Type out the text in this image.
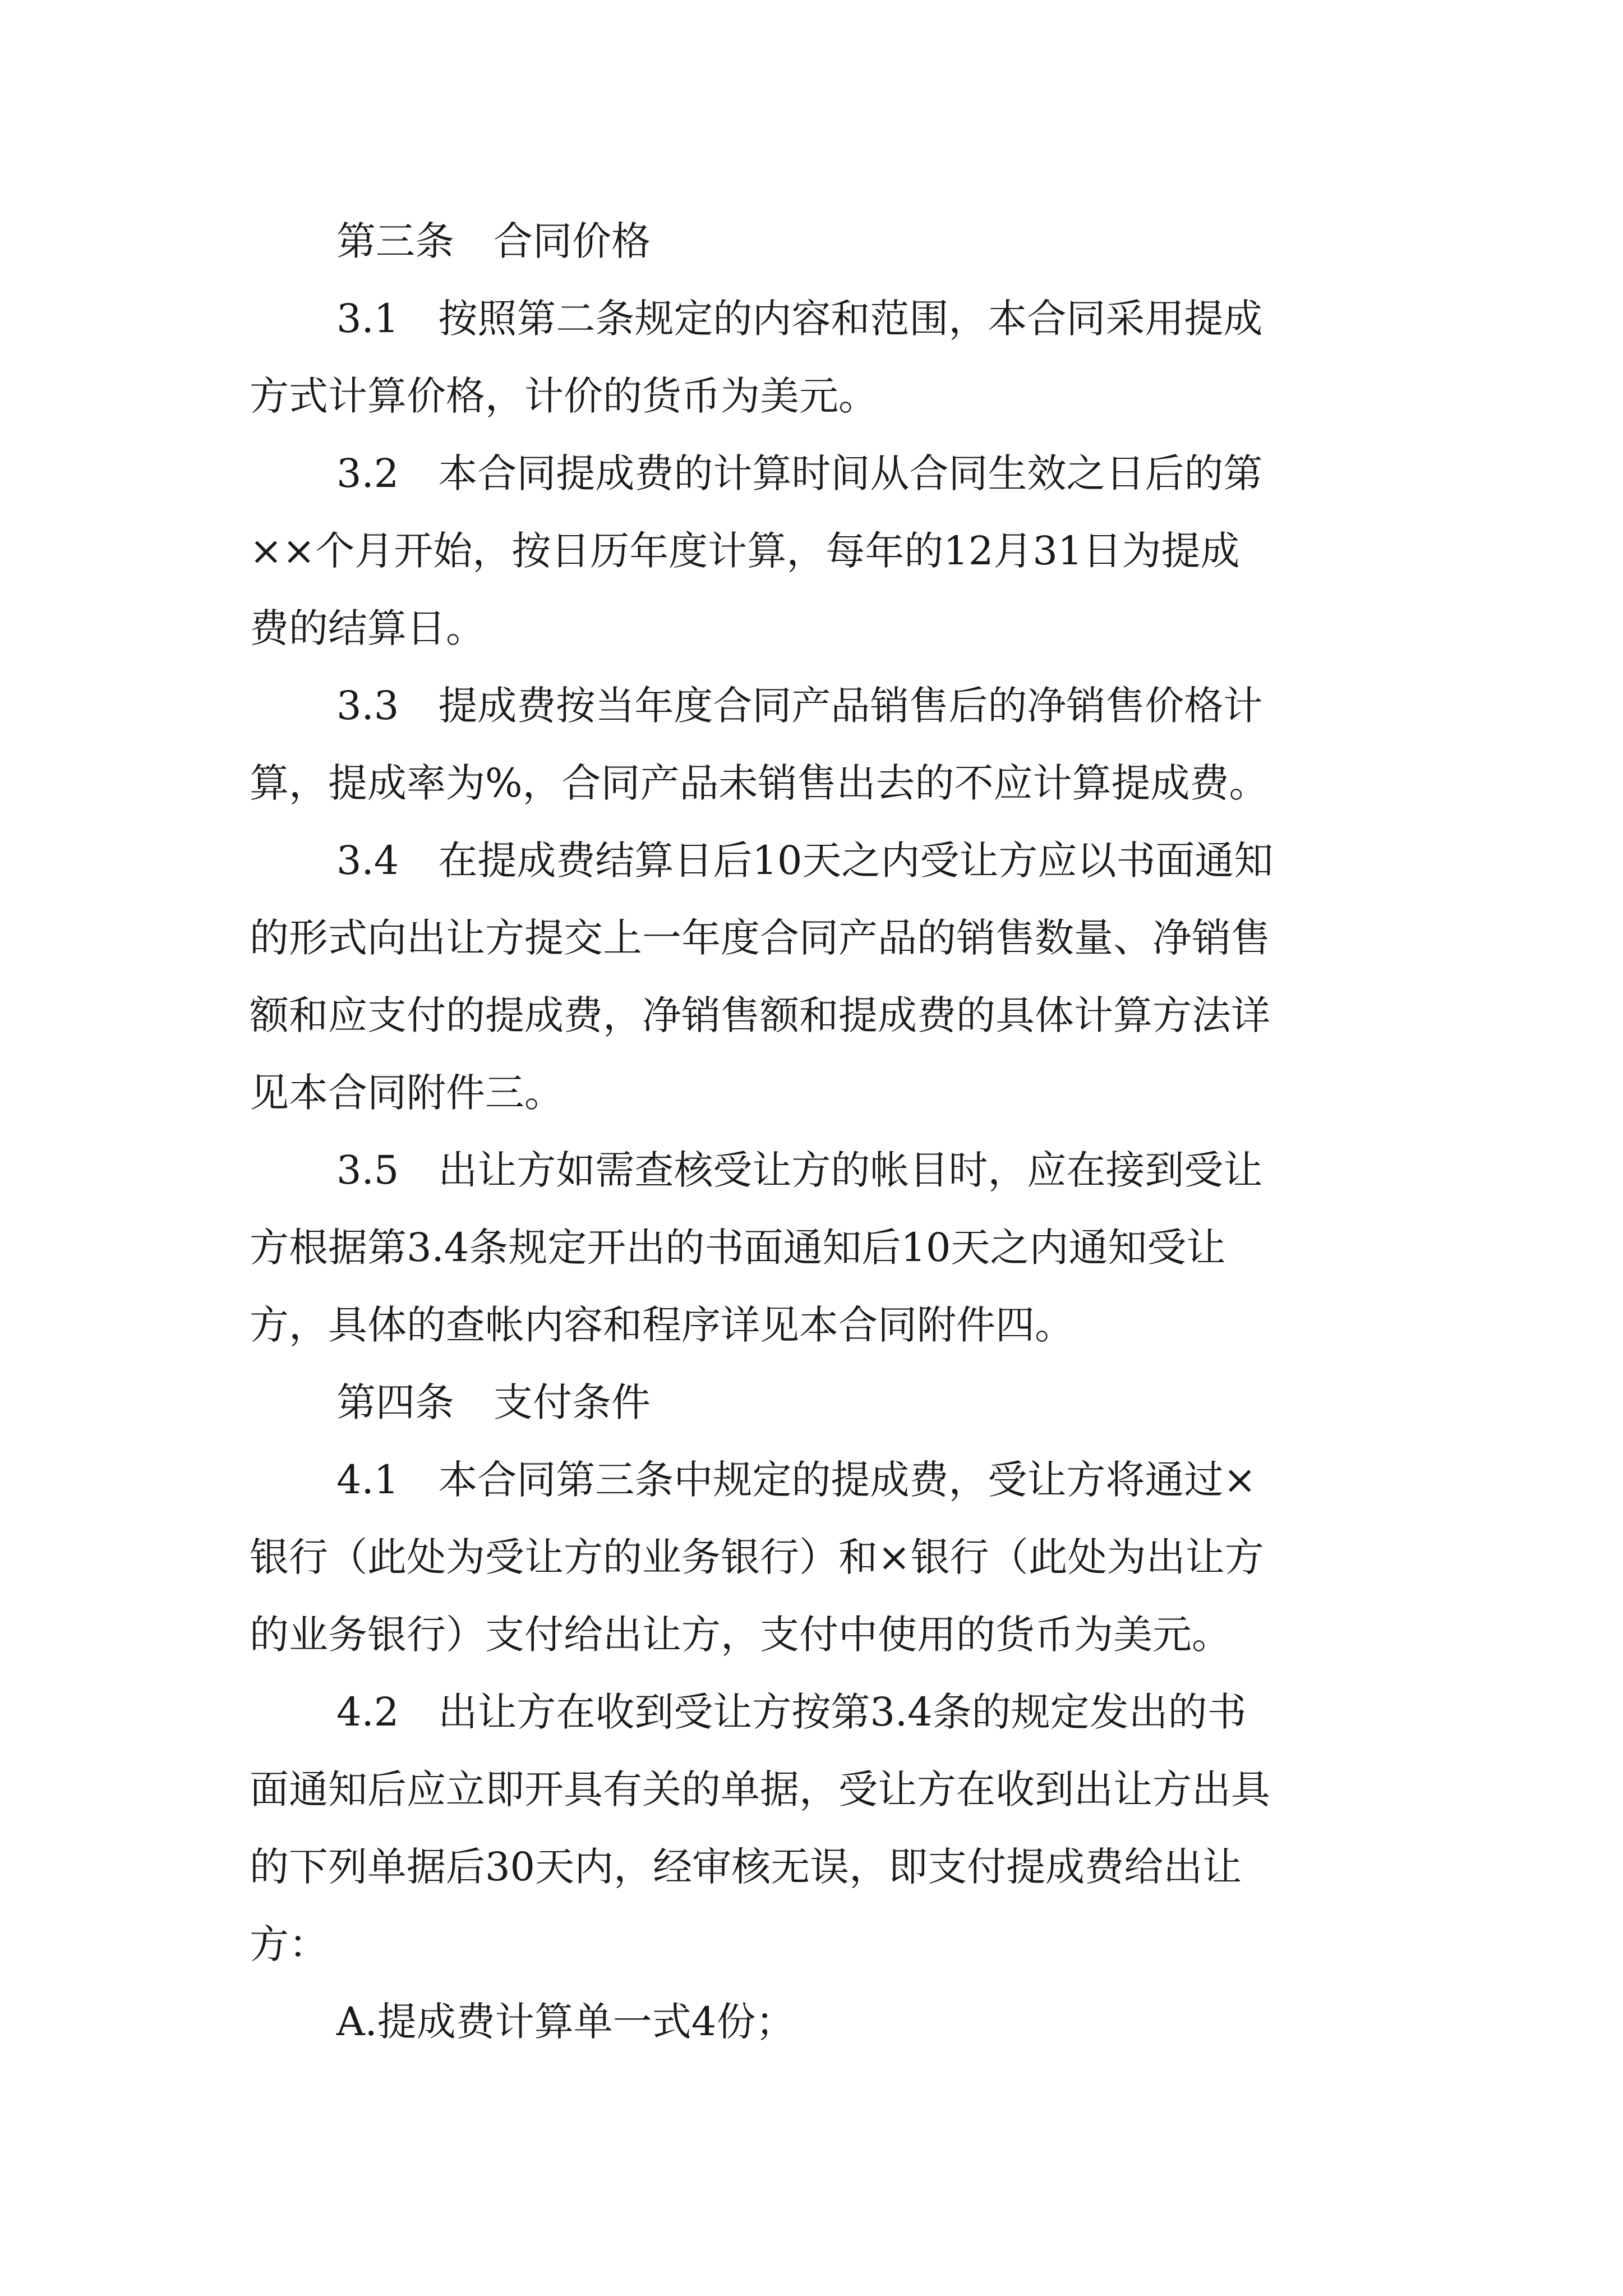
第三条　合同价格

3.1　按照第二条规定的内容和范围，本合同采用提成

方式计算价格，计价的货币为美元。

3.2　本合同提成费的计算时间从合同生效之日后的第

××个月开始，按日历年度计算，每年的12月31日为提成

费的结算日。

3.3　提成费按当年度合同产品销售后的净销售价格计

算，提成率为%，合同产品未销售出去的不应计算提成费。

3.4　在提成费结算日后10天之内受让方应以书面通知

的形式向出让方提交上一年度合同产品的销售数量、净销售

额和应支付的提成费，净销售额和提成费的具体计算方法详

见本合同附件三。

3.5　出让方如需查核受让方的帐目时，应在接到受让

方根据第3.4条规定开出的书面通知后10天之内通知受让

方，具体的查帐内容和程序详见本合同附件四。

第四条　支付条件

4.1　本合同第三条中规定的提成费，受让方将通过×

银行（此处为受让方的业务银行）和×银行（此处为出让方

的业务银行）支付给出让方，支付中使用的货币为美元。

4.2　出让方在收到受让方按第3.4条的规定发出的书

面通知后应立即开具有关的单据，受让方在收到出让方出具

的下列单据后30天内，经审核无误，即支付提成费给出让

方：

A.提成费计算单一式4份；
